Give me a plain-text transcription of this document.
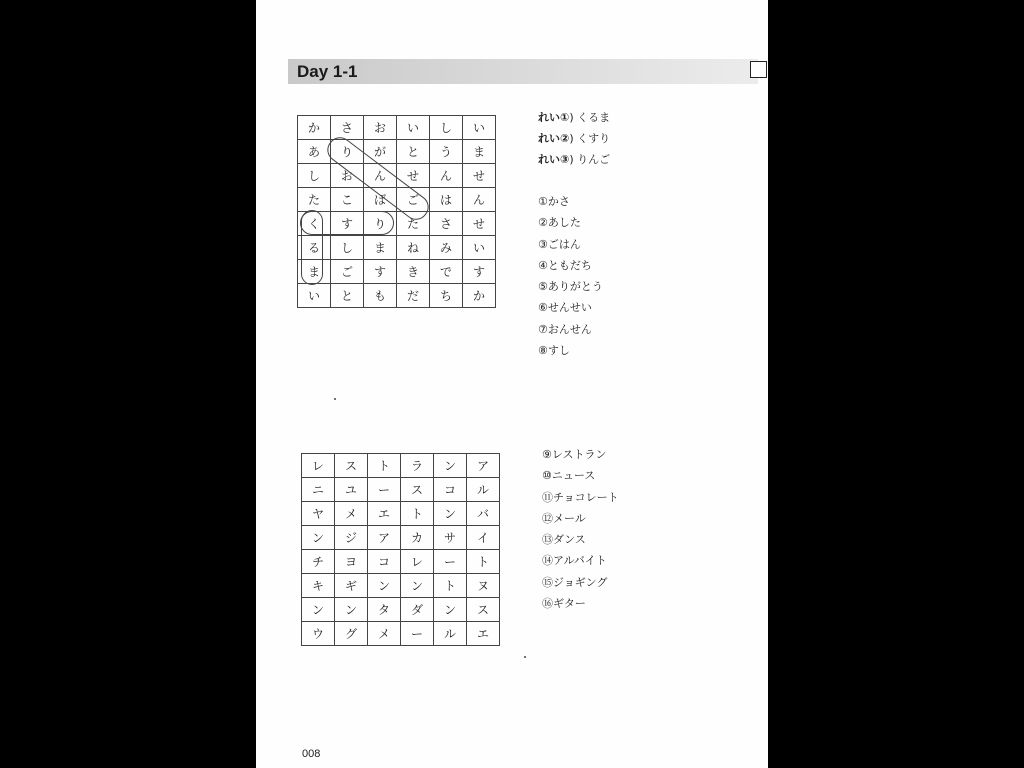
Day 1-1
か	さ	お	い	し	い
あ	り	が	と	う	ま
し	お	ん	せ	ん	せ
た	こ	ば	ご	は	ん
く	す	り	た	さ	せ
る	し	ま	ね	み	い
ま	ご	す	き	で	す
い	と	も	だ	ち	か
れい①) くるま
れい②) くすり
れい③) りんご
①かさ
②あした
③ごはん
④ともだち
⑤ありがとう
⑥せんせい
⑦おんせん
⑧すし
レ	ス	ト	ラ	ン	ア
ニ	ユ	ー	ス	コ	ル
ヤ	メ	エ	ト	ン	バ
ン	ジ	ア	カ	サ	イ
チ	ヨ	コ	レ	ー	ト
キ	ギ	ン	ン	ト	ヌ
ン	ン	タ	ダ	ン	ス
ウ	グ	メ	ー	ル	エ
⑨レストラン
⑩ニュース
⑪チョコレート
⑫メール
⑬ダンス
⑭アルバイト
⑮ジョギング
⑯ギター
008
